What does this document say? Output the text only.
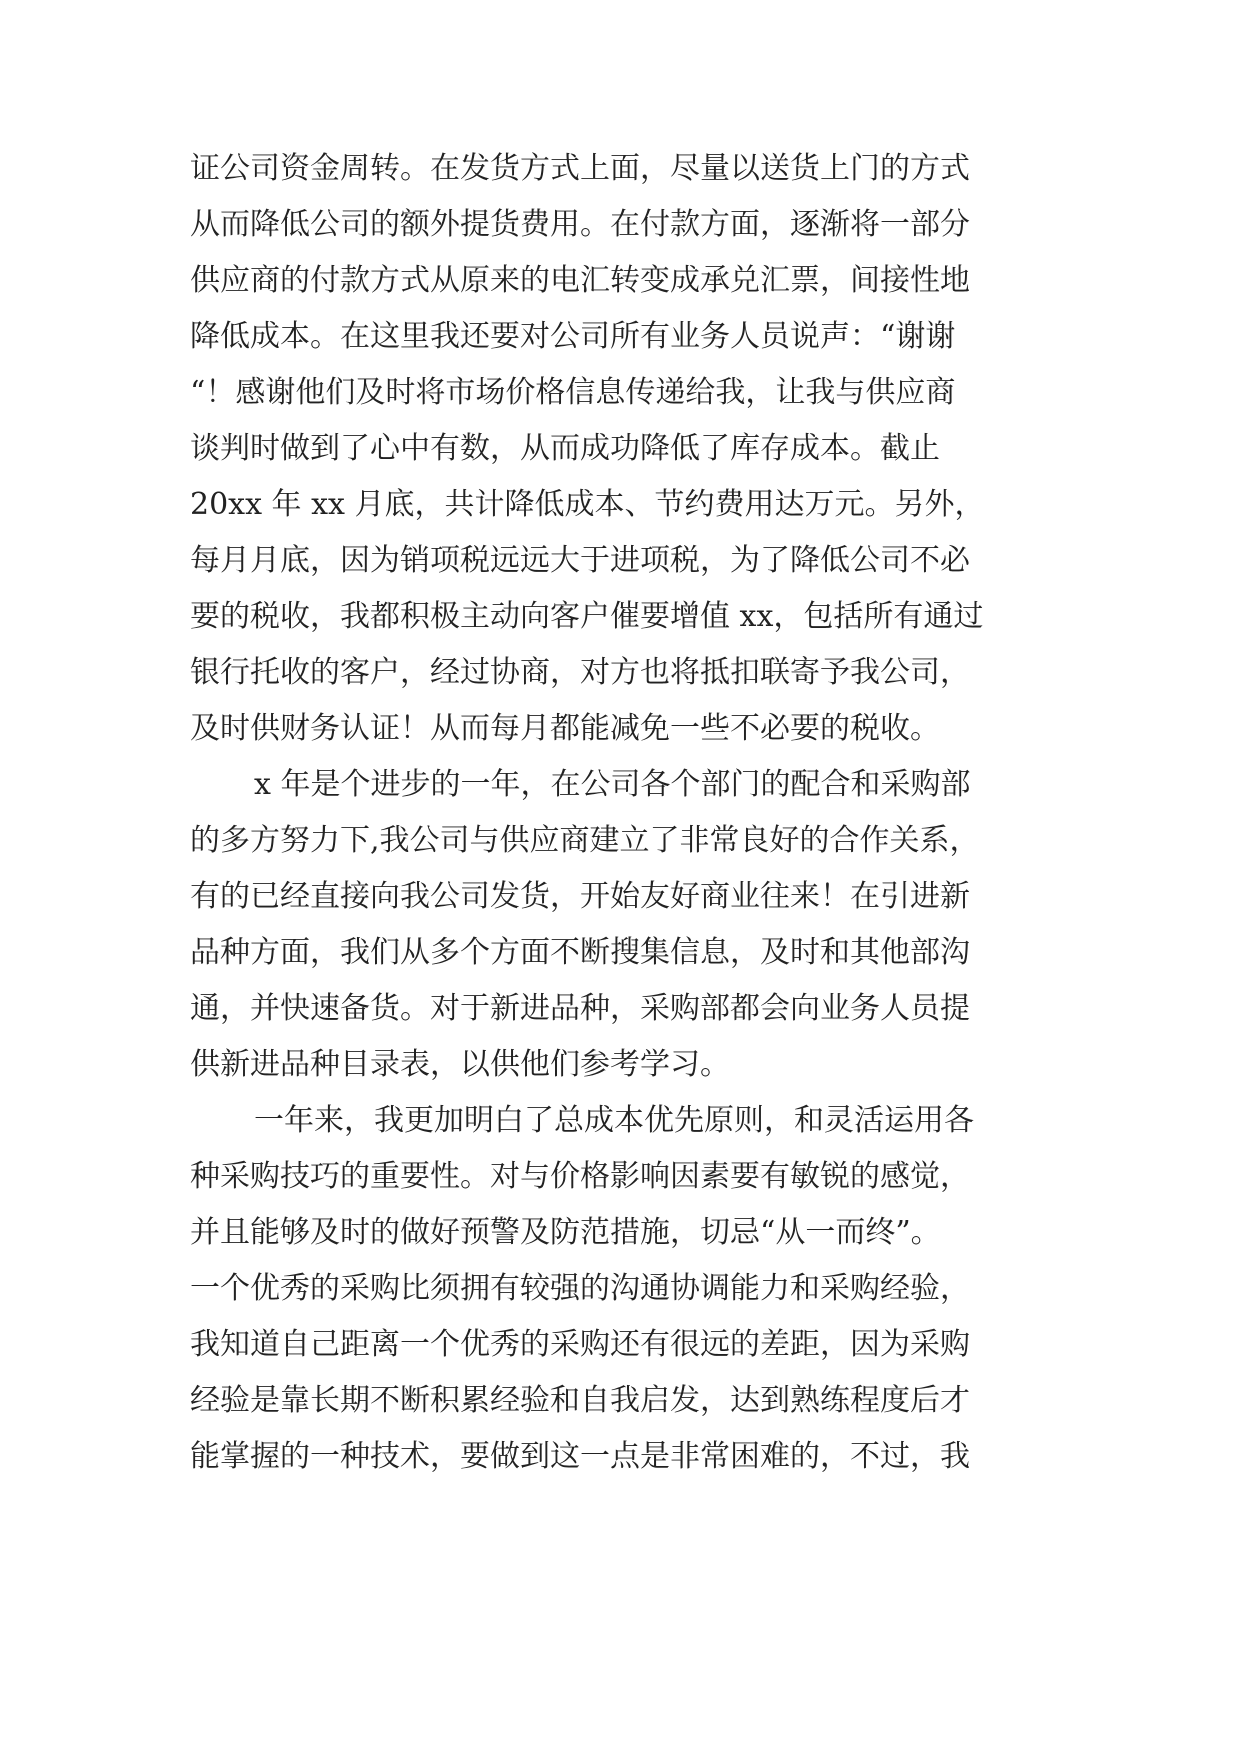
证公司资金周转。在发货方式上面，尽量以送货上门的方式
从而降低公司的额外提货费用。在付款方面，逐渐将一部分
供应商的付款方式从原来的电汇转变成承兑汇票，间接性地
降低成本。在这里我还要对公司所有业务人员说声：“谢谢
“！感谢他们及时将市场价格信息传递给我，让我与供应商
谈判时做到了心中有数，从而成功降低了库存成本。截止
20xx 年 xx 月底，共计降低成本、节约费用达万元。另外，
每月月底，因为销项税远远大于进项税，为了降低公司不必
要的税收，我都积极主动向客户催要增值 xx，包括所有通过
银行托收的客户，经过协商，对方也将抵扣联寄予我公司，
及时供财务认证！从而每月都能减免一些不必要的税收。
x 年是个进步的一年，在公司各个部门的配合和采购部
的多方努力下,我公司与供应商建立了非常良好的合作关系，
有的已经直接向我公司发货，开始友好商业往来！在引进新
品种方面，我们从多个方面不断搜集信息，及时和其他部沟
通，并快速备货。对于新进品种，采购部都会向业务人员提
供新进品种目录表，以供他们参考学习。
一年来，我更加明白了总成本优先原则，和灵活运用各
种采购技巧的重要性。对与价格影响因素要有敏锐的感觉，
并且能够及时的做好预警及防范措施，切忌“从一而终”。
一个优秀的采购比须拥有较强的沟通协调能力和采购经验，
我知道自己距离一个优秀的采购还有很远的差距，因为采购
经验是靠长期不断积累经验和自我启发，达到熟练程度后才
能掌握的一种技术，要做到这一点是非常困难的，不过，我
